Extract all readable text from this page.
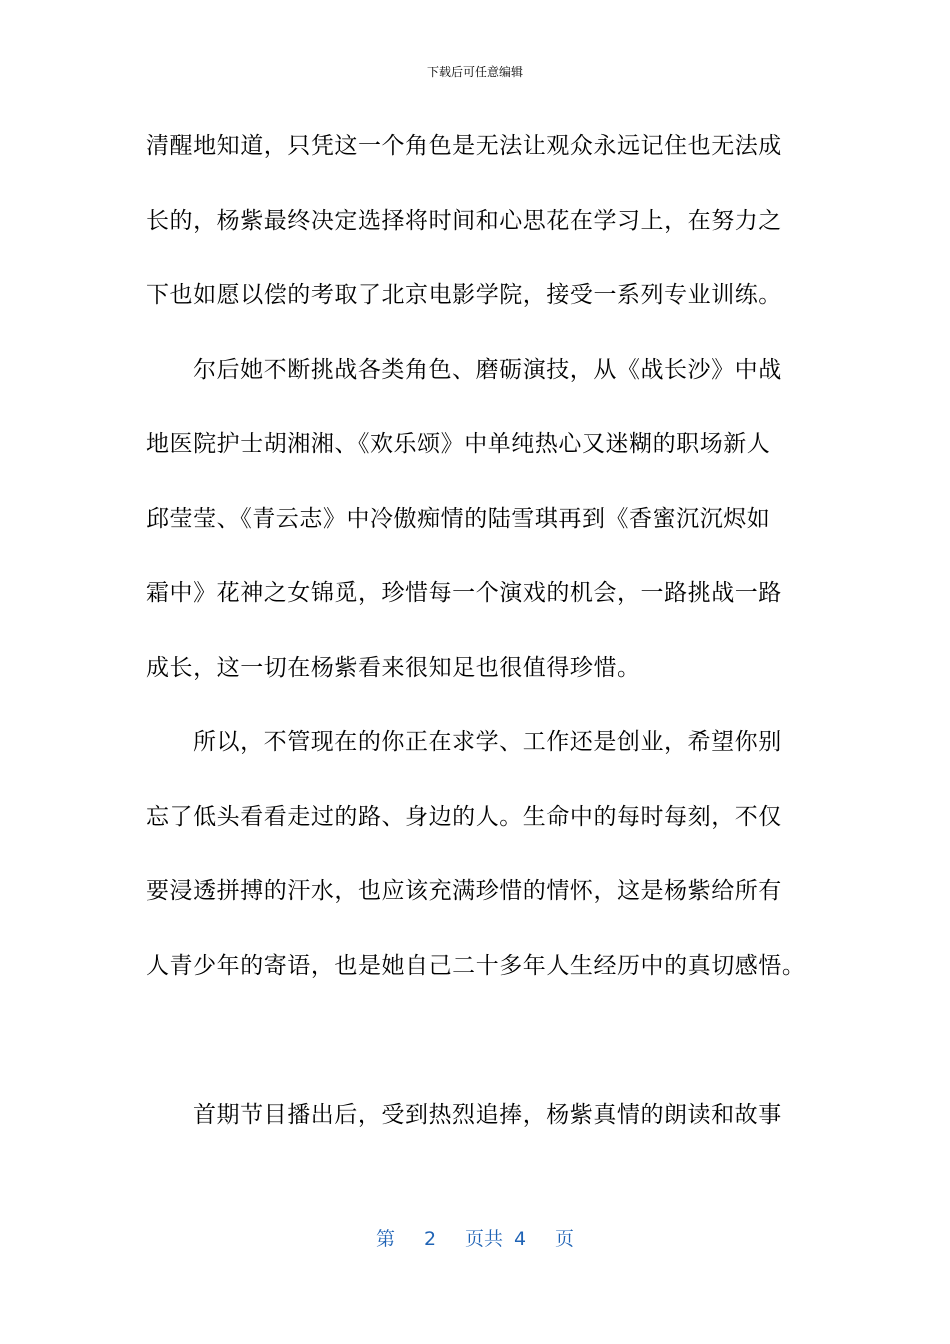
下载后可任意编辑
清醒地知道，只凭这一个角色是无法让观众永远记住也无法成
长的，杨紫最终决定选择将时间和心思花在学习上，在努力之
下也如愿以偿的考取了北京电影学院，接受一系列专业训练。
尔后她不断挑战各类角色、磨砺演技，从《战长沙》中战
地医院护士胡湘湘、《欢乐颂》中单纯热心又迷糊的职场新人
邱莹莹、《青云志》中冷傲痴情的陆雪琪再到《香蜜沉沉烬如
霜中》花神之女锦觅，珍惜每一个演戏的机会，一路挑战一路
成长，这一切在杨紫看来很知足也很值得珍惜。
所以，不管现在的你正在求学、工作还是创业，希望你别
忘了低头看看走过的路、身边的人。生命中的每时每刻，不仅
要浸透拼搏的汗水，也应该充满珍惜的情怀，这是杨紫给所有
人青少年的寄语，也是她自己二十多年人生经历中的真切感悟。
首期节目播出后，受到热烈追捧，杨紫真情的朗读和故事
第 2 页共 4 页
